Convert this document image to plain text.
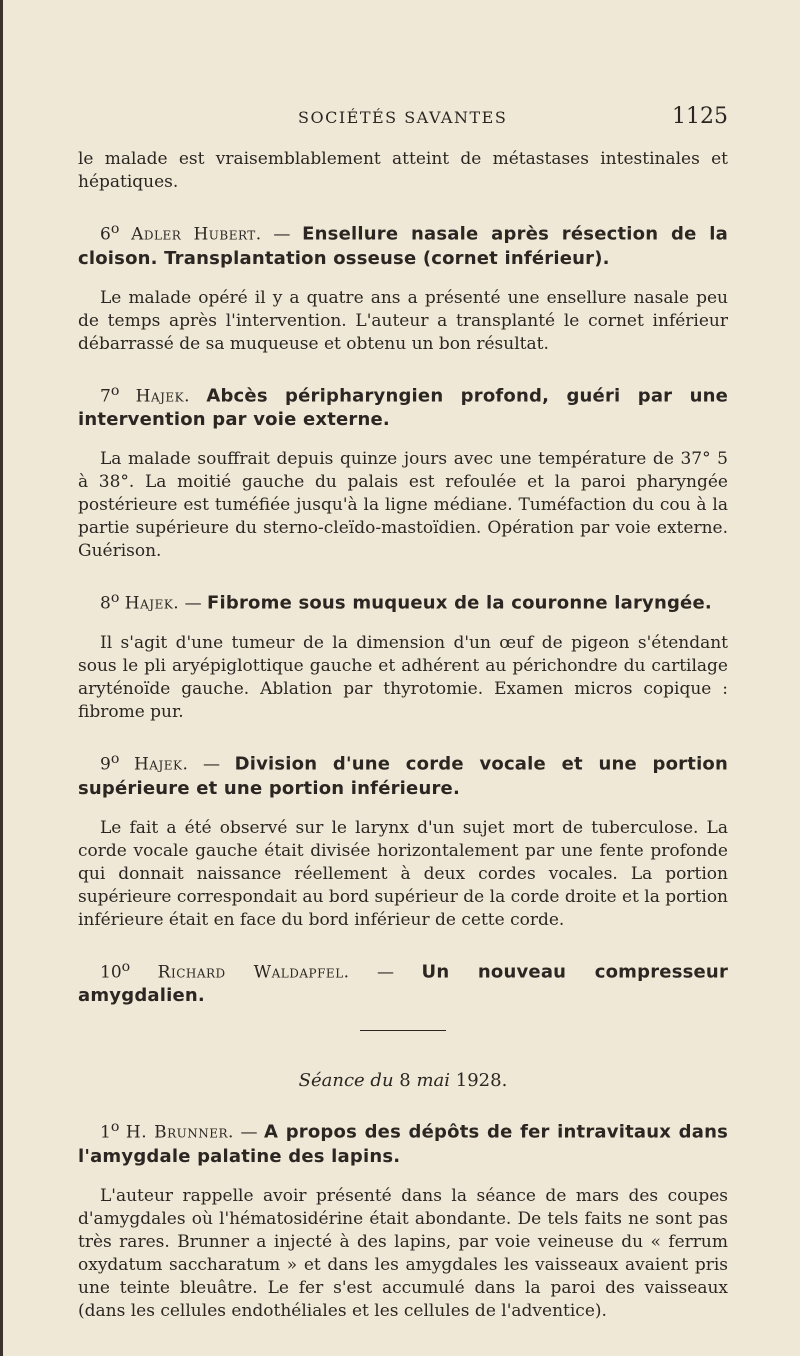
SOCIÉTÉS SAVANTES	1125

le malade est vraisemblablement atteint de métastases intestinales et hépatiques.

6$^o$ Adler Hubert. — Ensellure nasale après résection de la cloison. Transplantation osseuse (cornet inférieur).

Le malade opéré il y a quatre ans a présenté une ensellure nasale peu de temps après l'intervention. L'auteur a transplanté le cornet inférieur débarrassé de sa muqueuse et obtenu un bon résultat.

7$^o$ Hajek. Abcès péripharyngien profond, guéri par une intervention par voie externe.

La malade souffrait depuis quinze jours avec une température de 37° 5 à 38°. La moitié gauche du palais est refoulée et la paroi pharyngée postérieure est tuméfiée jusqu'à la ligne médiane. Tuméfaction du cou à la partie supérieure du sterno-cleïdo-mastoïdien. Opération par voie externe. Guérison.

8$^o$ Hajek. — Fibrome sous muqueux de la couronne laryngée.

Il s'agit d'une tumeur de la dimension d'un œuf de pigeon s'étendant sous le pli aryépiglottique gauche et adhérent au périchondre du cartilage aryténoïde gauche. Ablation par thyrotomie. Examen micros copique : fibrome pur.

9$^o$ Hajek. — Division d'une corde vocale et une portion supérieure et une portion inférieure.

Le fait a été observé sur le larynx d'un sujet mort de tuberculose. La corde vocale gauche était divisée horizontalement par une fente profonde qui donnait naissance réellement à deux cordes vocales. La portion supérieure correspondait au bord supérieur de la corde droite et la portion inférieure était en face du bord inférieur de cette corde.

10$^o$ Richard Waldapfel. — Un nouveau compresseur amygdalien.

Séance du 8 mai 1928.

1$^o$ H. Brunner. — A propos des dépôts de fer intravitaux dans l'amygdale palatine des lapins.

L'auteur rappelle avoir présenté dans la séance de mars des coupes d'amygdales où l'hématosidérine était abondante. De tels faits ne sont pas très rares. Brunner a injecté à des lapins, par voie veineuse du « ferrum oxydatum saccharatum » et dans les amygdales les vaisseaux avaient pris une teinte bleuâtre. Le fer s'est accumulé dans la paroi des vaisseaux (dans les cellules endothéliales et les cellules de l'adventice).
